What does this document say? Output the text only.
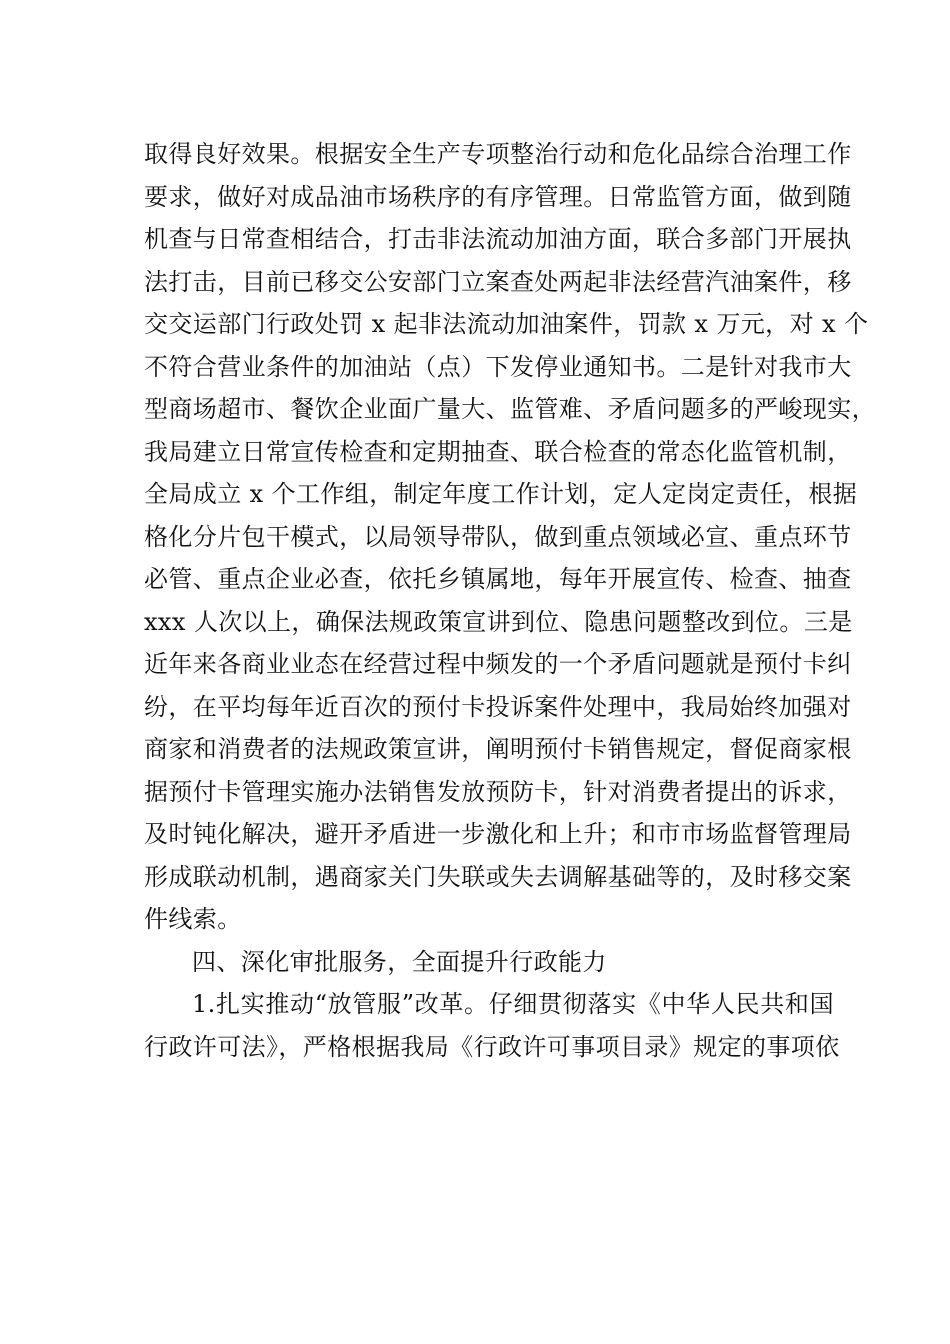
取得良好效果。根据安全生产专项整治行动和危化品综合治理工作
要求，做好对成品油市场秩序的有序管理。日常监管方面，做到随
机查与日常查相结合，打击非法流动加油方面，联合多部门开展执
法打击，目前已移交公安部门立案查处两起非法经营汽油案件，移
交交运部门行政处罚 x 起非法流动加油案件，罚款 x 万元，对 x 个
不符合营业条件的加油站（点）下发停业通知书。二是针对我市大
型商场超市、餐饮企业面广量大、监管难、矛盾问题多的严峻现实，
我局建立日常宣传检查和定期抽查、联合检查的常态化监管机制，
全局成立 x 个工作组，制定年度工作计划，定人定岗定责任，根据
格化分片包干模式，以局领导带队，做到重点领域必宣、重点环节
必管、重点企业必查，依托乡镇属地，每年开展宣传、检查、抽查
xxx 人次以上，确保法规政策宣讲到位、隐患问题整改到位。三是
近年来各商业业态在经营过程中频发的一个矛盾问题就是预付卡纠
纷，在平均每年近百次的预付卡投诉案件处理中，我局始终加强对
商家和消费者的法规政策宣讲，阐明预付卡销售规定，督促商家根
据预付卡管理实施办法销售发放预防卡，针对消费者提出的诉求，
及时钝化解决，避开矛盾进一步激化和上升；和市市场监督管理局
形成联动机制，遇商家关门失联或失去调解基础等的，及时移交案
件线索。
四、深化审批服务，全面提升行政能力
1.扎实推动“放管服”改革。仔细贯彻落实《中华人民共和国
行政许可法》，严格根据我局《行政许可事项目录》规定的事项依
